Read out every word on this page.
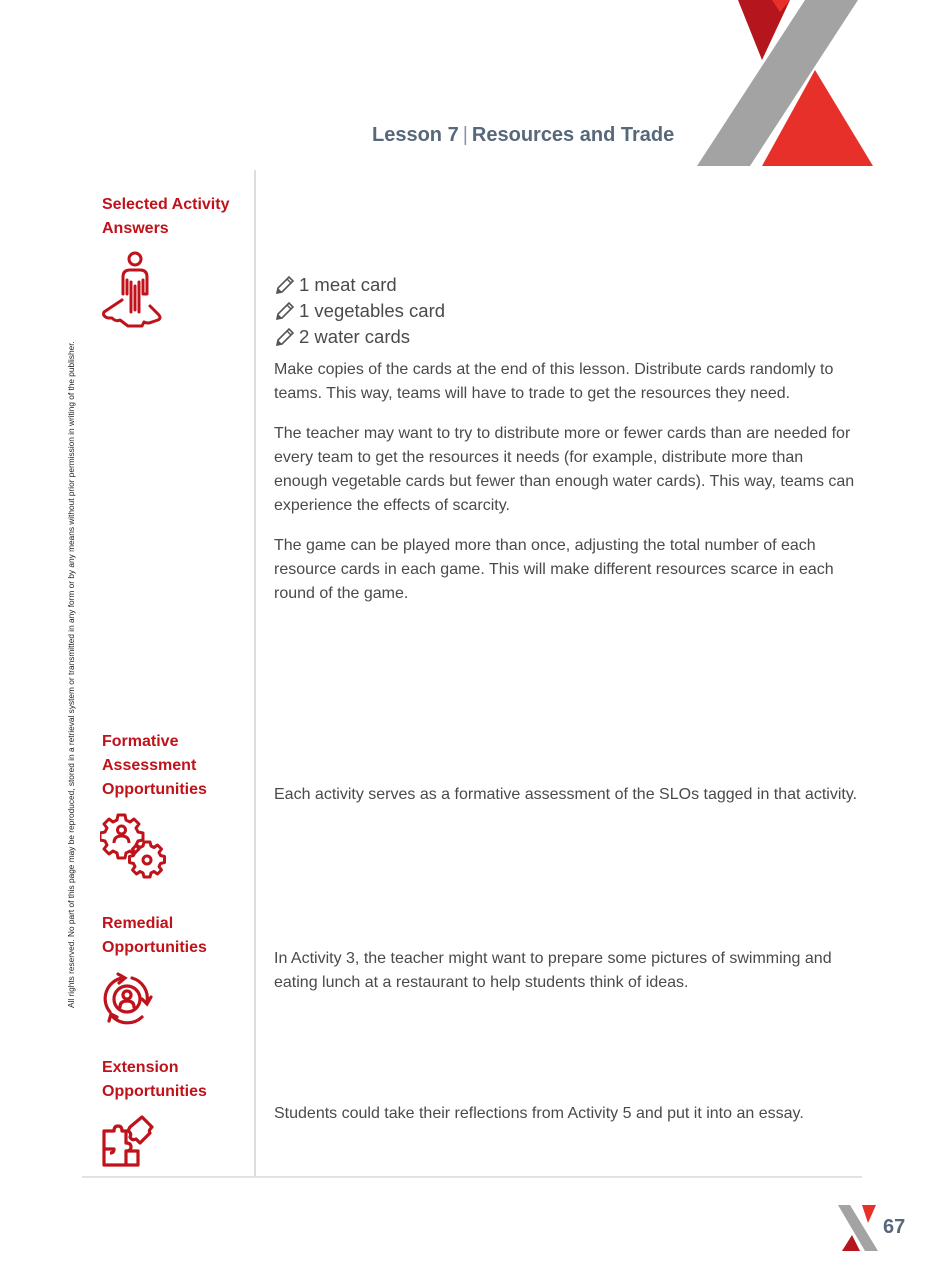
Lesson 7 | Resources and Trade
All rights reserved. No part of this page may be reproduced, stored in a retrieval system or transmitted in any form or by any means without prior permission in writing of the publisher.
Selected Activity Answers
1 meat card
1 vegetables card
2 water cards

Make copies of the cards at the end of this lesson. Distribute cards randomly to teams. This way, teams will have to trade to get the resources they need.

The teacher may want to try to distribute more or fewer cards than are needed for every team to get the resources it needs (for example, distribute more than enough vegetable cards but fewer than enough water cards). This way, teams can experience the effects of scarcity.

The game can be played more than once, adjusting the total number of each resource cards in each game. This will make different resources scarce in each round of the game.

Formative Assessment Opportunities	Each activity serves as a formative assessment of the SLOs tagged in that activity.
Remedial Opportunities
In Activity 3, the teacher might want to prepare some pictures of swimming and eating lunch at a restaurant to help students think of ideas.
Extension Opportunities
Students could take their reflections from Activity 5 and put it into an essay.
67
